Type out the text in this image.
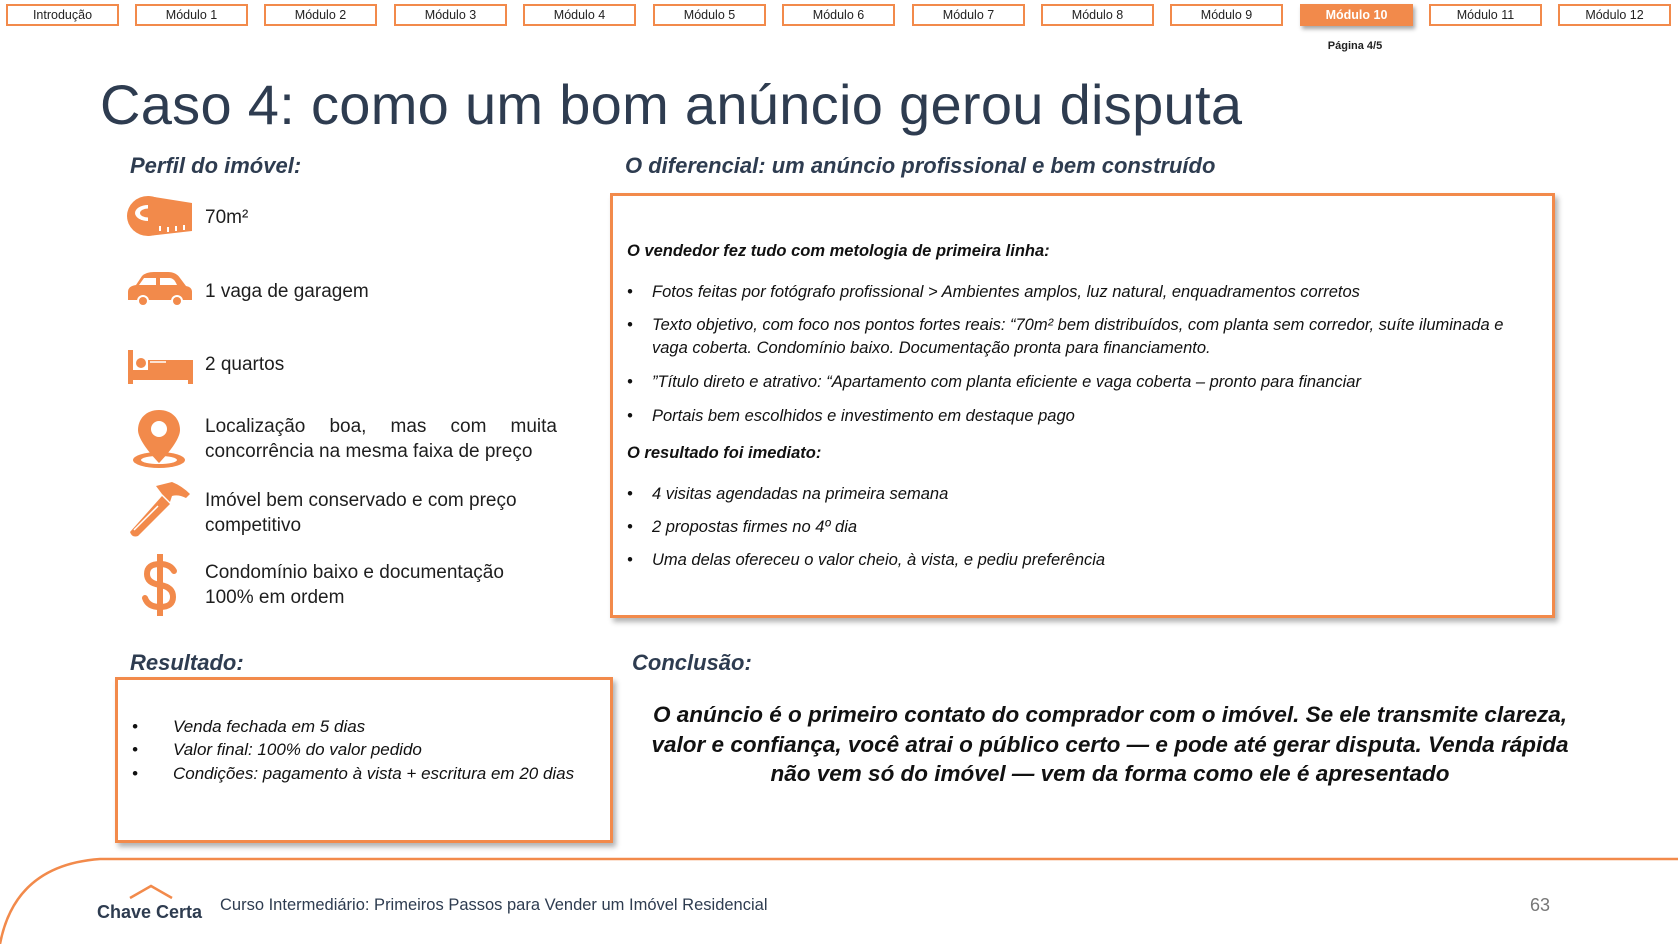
Introdução	Módulo 1	Módulo 2	Módulo 3	Módulo 4	Módulo 5	Módulo 6	Módulo 7	Módulo 8	Módulo 9	Módulo 10	Módulo 11	Módulo 12
Página 4/5
Caso 4: como um bom anúncio gerou disputa
Perfil do imóvel:
70m²
1 vaga de garagem
2 quartos
Localização boa, mas com muita concorrência na mesma faixa de preço
Imóvel bem conservado e com preço competitivo
Condomínio baixo e documentação 100% em ordem
O diferencial: um anúncio profissional e bem construído
O vendedor fez tudo com metologia de primeira linha:
• Fotos feitas por fotógrafo profissional > Ambientes amplos, luz natural, enquadramentos corretos
• Texto objetivo, com foco nos pontos fortes reais: “70m² bem distribuídos, com planta sem corredor, suíte iluminada e vaga coberta. Condomínio baixo. Documentação pronta para financiamento.
• ”Título direto e atrativo: “Apartamento com planta eficiente e vaga coberta – pronto para financiar
• Portais bem escolhidos e investimento em destaque pago
O resultado foi imediato:
• 4 visitas agendadas na primeira semana
• 2 propostas firmes no 4º dia
• Uma delas ofereceu o valor cheio, à vista, e pediu preferência
Resultado:
• Venda fechada em 5 dias
• Valor final: 100% do valor pedido
• Condições: pagamento à vista + escritura em 20 dias
Conclusão:
O anúncio é o primeiro contato do comprador com o imóvel. Se ele transmite clareza, valor e confiança, você atrai o público certo — e pode até gerar disputa. Venda rápida não vem só do imóvel — vem da forma como ele é apresentado
Chave Certa Curso Intermediário: Primeiros Passos para Vender um Imóvel Residencial	63
